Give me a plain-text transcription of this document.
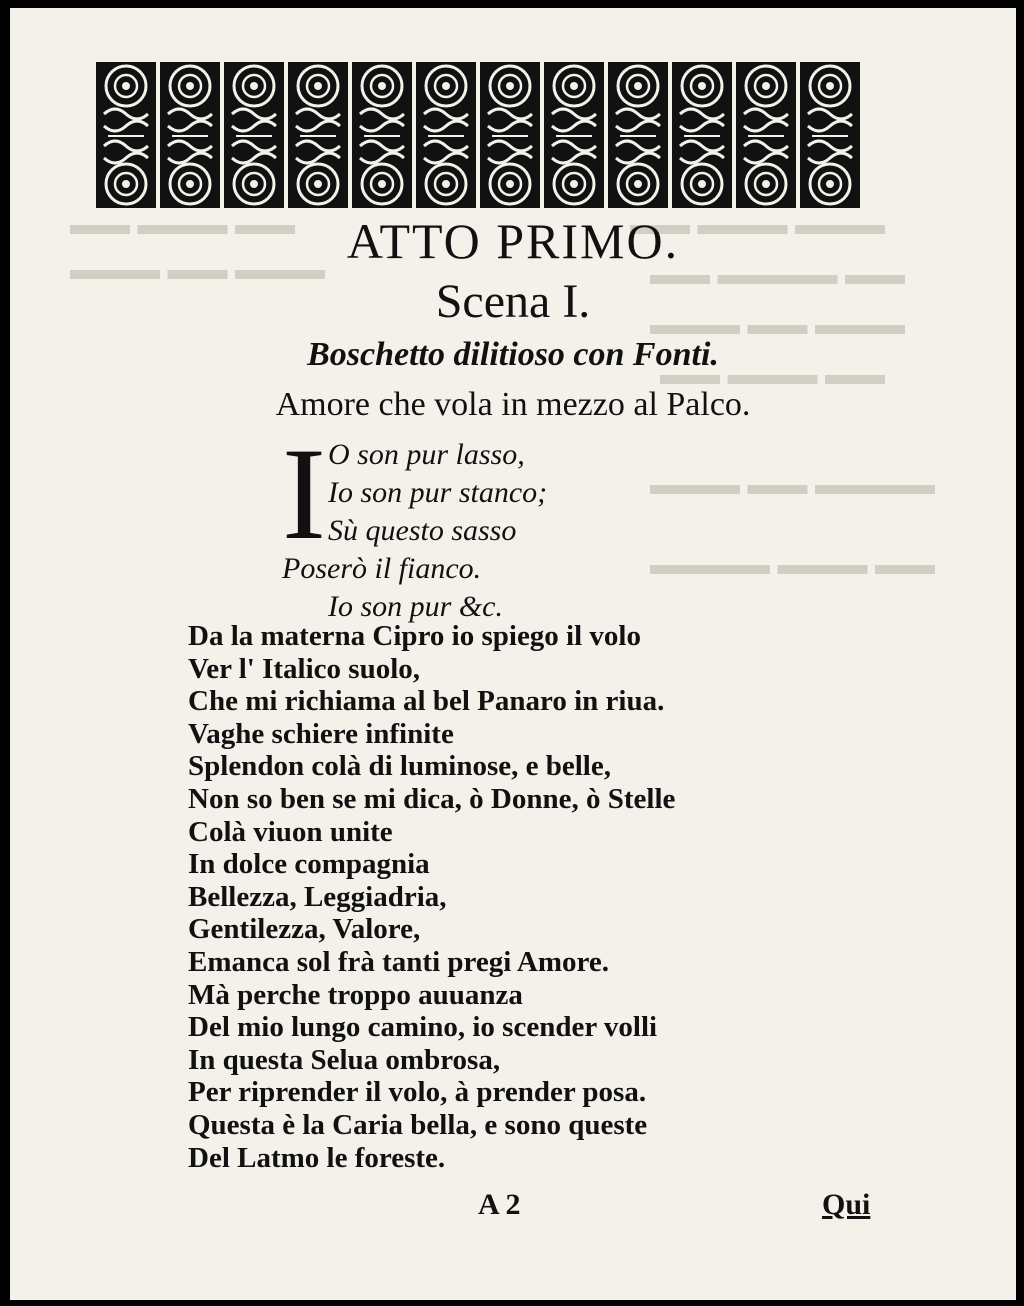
▬▬ ▬▬▬ ▬▬
▬▬▬ ▬▬ ▬▬▬
▬▬▬ ▬▬▬ ▬▬
▬▬ ▬▬▬▬ ▬▬
▬▬▬ ▬▬ ▬▬▬
▬▬ ▬▬▬ ▬▬
▬▬▬▬ ▬▬ ▬▬▬
▬▬ ▬▬▬ ▬▬▬▬
ATTO PRIMO.
Scena I.
Boschetto dilitioso con Fonti.
Amore che vola in mezzo al Palco.
I O son pur lasso,
Io son pur stanco;
Sù questo sasso
Poserò il fianco.
Io son pur &c.
Da la materna Cipro io spiego il volo
Ver l' Italico suolo,
Che mi richiama al bel Panaro in riua.
Vaghe schiere infinite
Splendon colà di luminose, e belle,
Non so ben se mi dica, ò Donne, ò Stelle
Colà viuon unite
In dolce compagnia
Bellezza, Leggiadria,
Gentilezza, Valore,
Emanca sol frà tanti pregi Amore.
Mà perche troppo auuanza
Del mio lungo camino, io scender volli
In questa Selua ombrosa,
Per riprender il volo, à prender posa.
Questa è la Caria bella, e sono queste
Del Latmo le foreste.
A 2	Qui
